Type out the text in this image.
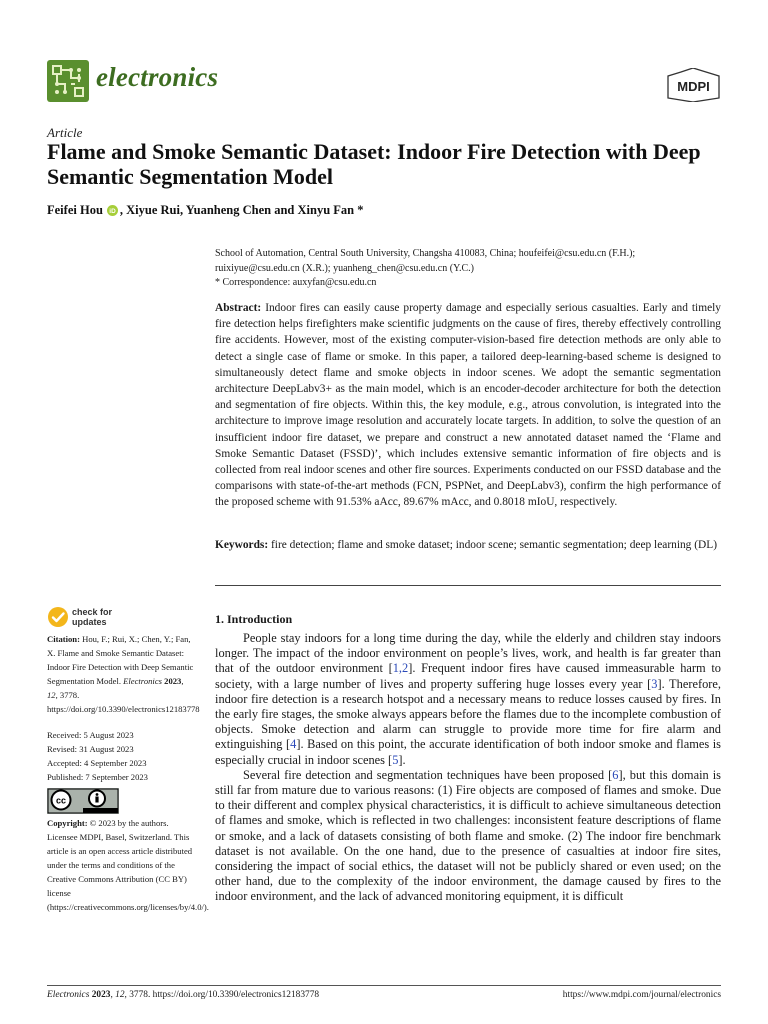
electronics	MDPI
Article
Flame and Smoke Semantic Dataset: Indoor Fire Detection with Deep Semantic Segmentation Model
Feifei Hou iD , Xiyue Rui, Yuanheng Chen and Xinyu Fan *
School of Automation, Central South University, Changsha 410083, China; houfeifei@csu.edu.cn (F.H.);
ruixiyue@csu.edu.cn (X.R.); yuanheng_chen@csu.edu.cn (Y.C.)
* Correspondence: auxyfan@csu.edu.cn
Abstract: Indoor fires can easily cause property damage and especially serious casualties. Early and timely fire detection helps firefighters make scientific judgments on the cause of fires, thereby effectively controlling fire accidents. However, most of the existing computer-vision-based fire detection methods are only able to detect a single case of flame or smoke. In this paper, a tailored deep-learning-based scheme is designed to simultaneously detect flame and smoke objects in indoor scenes. We adopt the semantic segmentation architecture DeepLabv3+ as the main model, which is an encoder-decoder architecture for both the detection and segmentation of fire objects. Within this, the key module, e.g., atrous convolution, is integrated into the architecture to improve image resolution and accurately locate targets. In addition, to solve the question of an insufficient indoor fire dataset, we prepare and construct a new annotated dataset named the ‘Flame and Smoke Semantic Dataset (FSSD)’, which includes extensive semantic information of fire objects and is collected from real indoor scenes and other fire sources. Experiments conducted on our FSSD database and the comparisons with state-of-the-art methods (FCN, PSPNet, and DeepLabv3), confirm the high performance of the proposed scheme with 91.53% aAcc, 89.67% mAcc, and 0.8018 mIoU, respectively.
Keywords: fire detection; flame and smoke dataset; indoor scene; semantic segmentation; deep learning (DL)
check for
updates

Citation: Hou, F.; Rui, X.; Chen, Y.; Fan, X. Flame and Smoke Semantic Dataset: Indoor Fire Detection with Deep Semantic Segmentation Model. Electronics 2023, 12, 3778. https://doi.org/10.3390/electronics12183778

Received: 5 August 2023

Revised: 31 August 2023

Accepted: 4 September 2023

Published: 7 September 2023

cc

Copyright: © 2023 by the authors. Licensee MDPI, Basel, Switzerland. This article is an open access article distributed under the terms and conditions of the Creative Commons Attribution (CC BY) license (https://creativecommons.org/licenses/by/4.0/).

1. Introduction

People stay indoors for a long time during the day, while the elderly and children stay indoors longer. The impact of the indoor environment on people’s lives, work, and health is far greater than that of the outdoor environment [1,2]. Frequent indoor fires have caused immeasurable harm to society, with a large number of lives and property suffering huge losses every year [3]. Therefore, indoor fire detection is a research hotspot and a necessary means to reduce losses caused by fires. In the early fire stages, the smoke always appears before the flames due to the incomplete combustion of objects. Smoke detection and alarm can struggle to provide more time for fire alarm and extinguishing [4]. Based on this point, the accurate identification of both indoor smoke and flames is especially crucial in indoor scenes [5].

Several fire detection and segmentation techniques have been proposed [6], but this domain is still far from mature due to various reasons: (1) Fire objects are composed of flames and smoke. Due to their different and complex physical characteristics, it is difficult to achieve simultaneous detection of flames and smoke, which is reflected in two challenges: inconsistent feature descriptions of flame or smoke, and a lack of datasets consisting of both flame and smoke. (2) The indoor fire benchmark dataset is not available. On the one hand, due to the presence of casualties at indoor fire sites, considering the impact of social ethics, the dataset will not be publicly shared or even used; on the other hand, due to the complexity of the indoor environment, the damage caused by fires to the indoor environment, and the lack of advanced monitoring equipment, it is difficult

Electronics 2023, 12, 3778. https://doi.org/10.3390/electronics12183778	https://www.mdpi.com/journal/electronics
